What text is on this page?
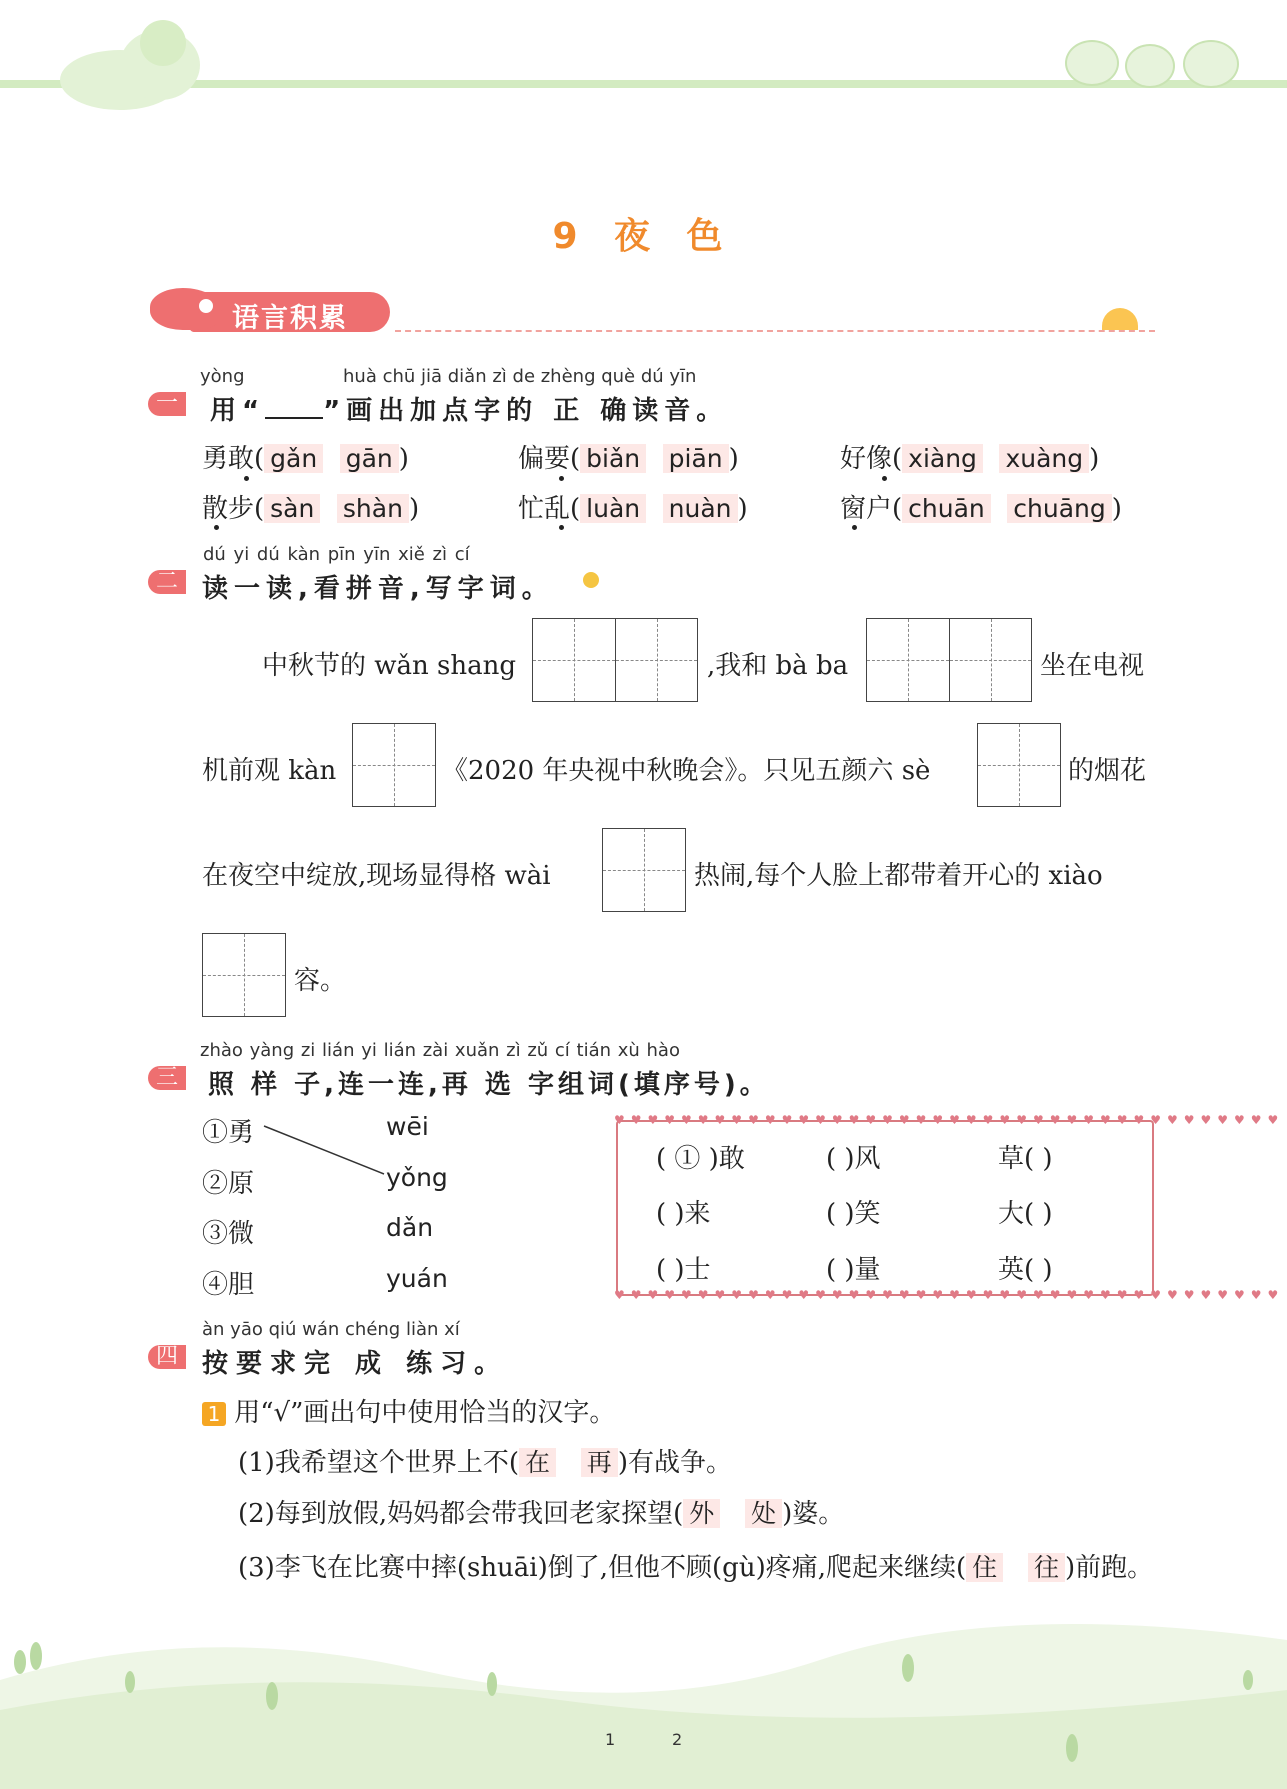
9 夜 色
语言积累
一
yòng	huà chū jiā diǎn zì de zhèng què dú yīn
用“ ”画出加点字的 正 确读音。
勇敢( gǎn gān )	偏要( biǎn piān )	好像( xiàng xuàng )
散步( sàn shàn )	忙乱( luàn nuàn )	窗户( chuān chuāng )
二
dú yi dú kàn pīn yīn xiě zì cí
读一读,看拼音,写字词。
中秋节的 wǎn shang	,我和 bà ba	坐在电视
机前观 kàn	《2020 年央视中秋晚会》。只见五颜六 sè	的烟花
在夜空中绽放,现场显得格 wài	热闹,每个人脸上都带着开心的 xiào
容。
三
zhào yàng zi lián yi lián zài xuǎn zì zǔ cí tián xù hào
照 样 子,连一连,再 选 字组词(填序号)。
①勇
②原
③微
④胆
wēi
yǒng
dǎn
yuán
♥♥♥♥♥♥♥♥♥♥♥♥♥♥♥♥♥♥♥♥♥♥♥♥♥♥♥♥♥♥♥♥♥♥♥♥♥♥♥♥
♥♥♥♥♥♥♥♥♥♥♥♥♥♥♥♥♥♥♥♥♥♥♥♥♥♥♥♥♥♥♥♥♥♥♥♥♥♥♥♥
( ① )敢	( )风	草( )
( )来	( )笑	大( )
( )士	( )量	英( )
四
àn yāo qiú wán chéng liàn xí
按要求完 成 练习。
1 用“√”画出句中使用恰当的汉字。
(1)我希望这个世界上不( 在 再 )有战争。
(2)每到放假,妈妈都会带我回老家探望( 外 处 )婆。
(3)李飞在比赛中摔(shuāi)倒了,但他不顾(gù)疼痛,爬起来继续( 住 往 )前跑。
1	2
